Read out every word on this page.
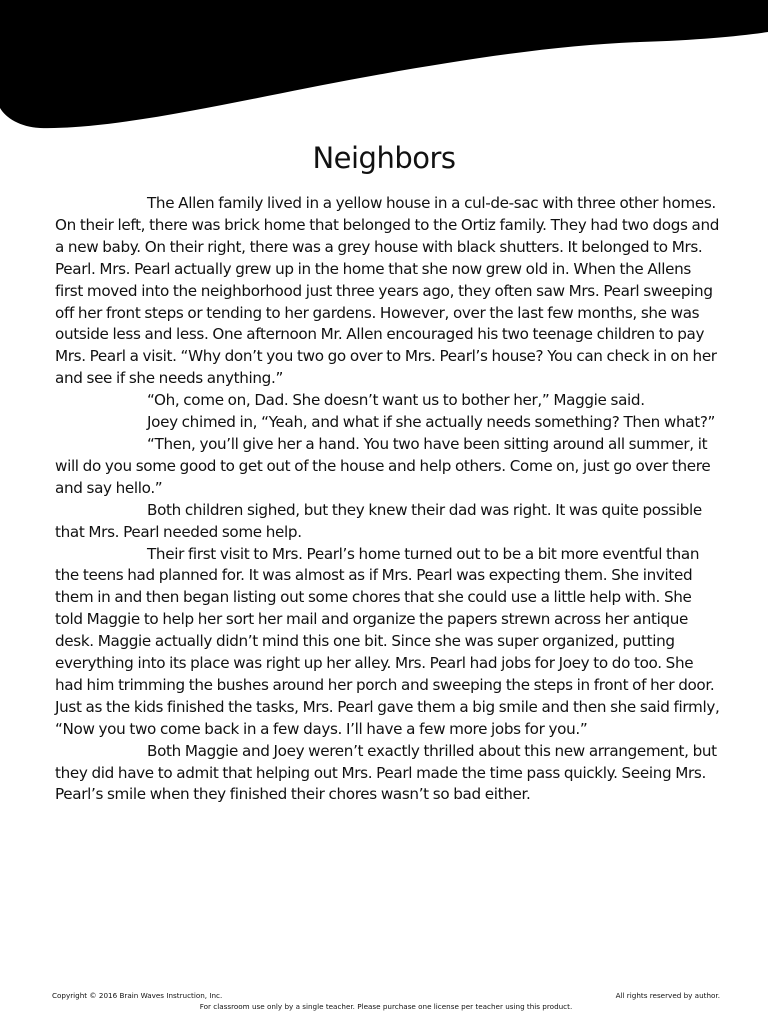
Neighbors

The Allen family lived in a yellow house in a cul-de-sac with three other homes. On their left, there was brick home that belonged to the Ortiz family. They had two dogs and a new baby. On their right, there was a grey house with black shutters. It belonged to Mrs. Pearl. Mrs. Pearl actually grew up in the home that she now grew old in. When the Allens first moved into the neighborhood just three years ago, they often saw Mrs. Pearl sweeping off her front steps or tending to her gardens. However, over the last few months, she was outside less and less. One afternoon Mr. Allen encouraged his two teenage children to pay Mrs. Pearl a visit. “Why don’t you two go over to Mrs. Pearl’s house? You can check in on her and see if she needs anything.”

“Oh, come on, Dad. She doesn’t want us to bother her,” Maggie said.

Joey chimed in, “Yeah, and what if she actually needs something? Then what?”

“Then, you’ll give her a hand. You two have been sitting around all summer, it will do you some good to get out of the house and help others. Come on, just go over there and say hello.”

Both children sighed, but they knew their dad was right. It was quite possible that Mrs. Pearl needed some help.

Their first visit to Mrs. Pearl’s home turned out to be a bit more eventful than the teens had planned for. It was almost as if Mrs. Pearl was expecting them. She invited them in and then began listing out some chores that she could use a little help with. She told Maggie to help her sort her mail and organize the papers strewn across her antique desk. Maggie actually didn’t mind this one bit. Since she was super organized, putting everything into its place was right up her alley. Mrs. Pearl had jobs for Joey to do too. She had him trimming the bushes around her porch and sweeping the steps in front of her door. Just as the kids finished the tasks, Mrs. Pearl gave them a big smile and then she said firmly, “Now you two come back in a few days. I’ll have a few more jobs for you.”

Both Maggie and Joey weren’t exactly thrilled about this new arrangement, but they did have to admit that helping out Mrs. Pearl made the time pass quickly. Seeing Mrs. Pearl’s smile when they finished their chores wasn’t so bad either.

Copyright © 2016 Brain Waves Instruction, Inc.	All rights reserved by author.
For classroom use only by a single teacher. Please purchase one license per teacher using this product.
